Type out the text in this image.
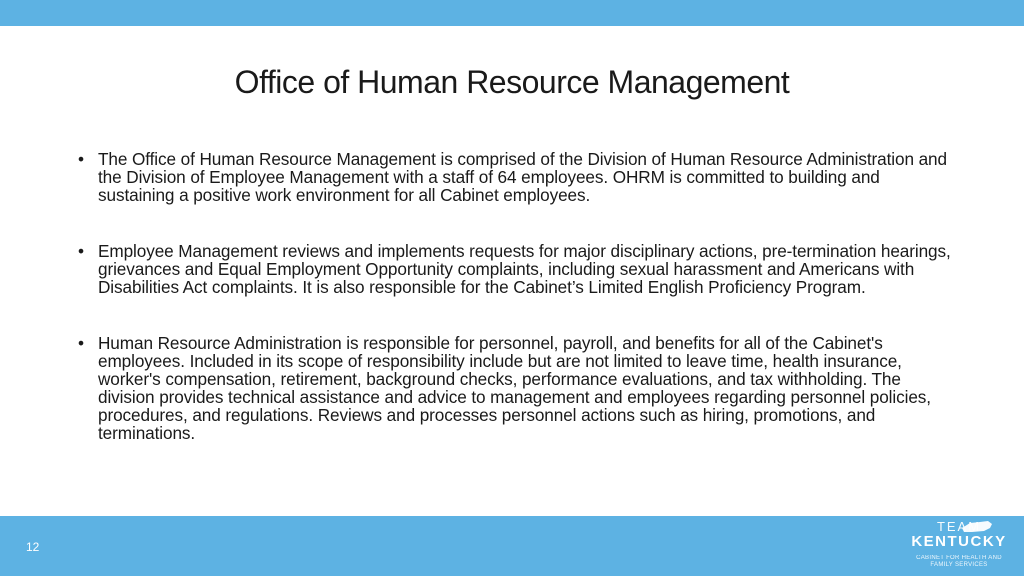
Office of Human Resource Management
• The Office of Human Resource Management is comprised of the Division of Human Resource Administration and the Division of Employee Management with a staff of 64 employees. OHRM is committed to building and sustaining a positive work environment for all Cabinet employees.
• Employee Management reviews and implements requests for major disciplinary actions, pre-termination hearings, grievances and Equal Employment Opportunity complaints, including sexual harassment and Americans with Disabilities Act complaints. It is also responsible for the Cabinet’s Limited English Proficiency Program.
• Human Resource Administration is responsible for personnel, payroll, and benefits for all of the Cabinet's employees. Included in its scope of responsibility include but are not limited to leave time, health insurance, worker's compensation, retirement, background checks, performance evaluations, and tax withholding. The division provides technical assistance and advice to management and employees regarding personnel policies, procedures, and regulations. Reviews and processes personnel actions such as hiring, promotions, and terminations.
12
TEAM
KENTUCKY
CABINET FOR HEALTH AND FAMILY SERVICES
